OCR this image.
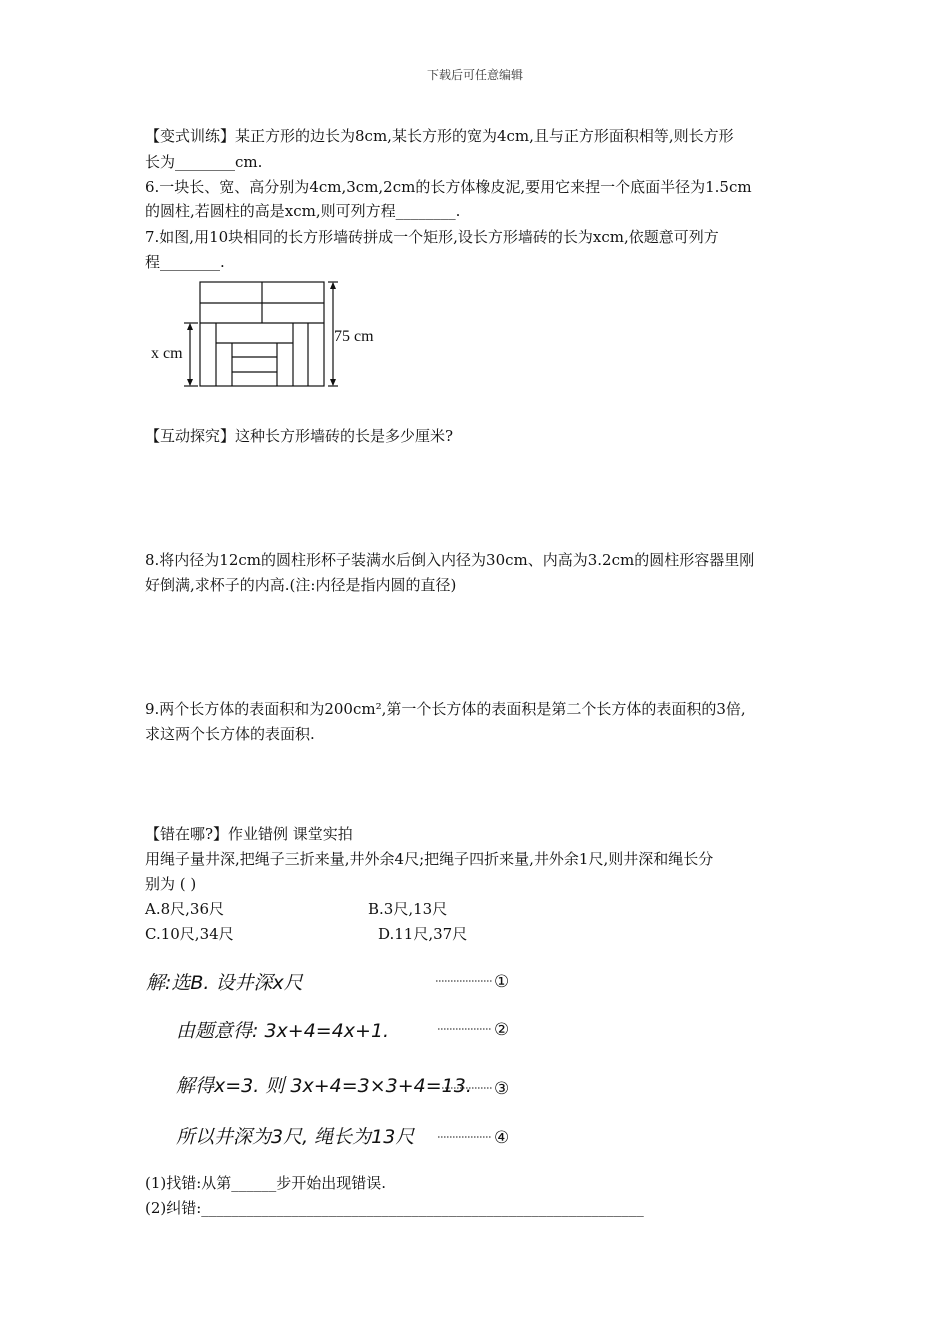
下载后可任意编辑
【变式训练】某正方形的边长为8cm,某长方形的宽为4cm,且与正方形面积相等,则长方形
长为________cm.
6.一块长、宽、高分别为4cm,3cm,2cm的长方体橡皮泥,要用它来捏一个底面半径为1.5cm
的圆柱,若圆柱的高是xcm,则可列方程________.
7.如图,用10块相同的长方形墙砖拼成一个矩形,设长方形墙砖的长为xcm,依题意可列方
程________.
x cm
75 cm
【互动探究】这种长方形墙砖的长是多少厘米?
8.将内径为12cm的圆柱形杯子装满水后倒入内径为30cm、内高为3.2cm的圆柱形容器里刚
好倒满,求杯子的内高.(注:内径是指内圆的直径)
9.两个长方体的表面积和为200cm²,第一个长方体的表面积是第二个长方体的表面积的3倍,
求这两个长方体的表面积.
【错在哪?】作业错例 课堂实拍
用绳子量井深,把绳子三折来量,井外余4尺;把绳子四折来量,井外余1尺,则井深和绳长分
别为 ( )
A.8尺,36尺	B.3尺,13尺
C.10尺,34尺	D.11尺,37尺
解:选B. 设井深x尺
由题意得: 3x+4=4x+1.
解得x=3. 则 3x+4=3×3+4=13.
所以井深为3尺, 绳长为13尺
①
②
③
④
(1)找错:从第______步开始出现错误.
(2)纠错:___________________________________________________________
